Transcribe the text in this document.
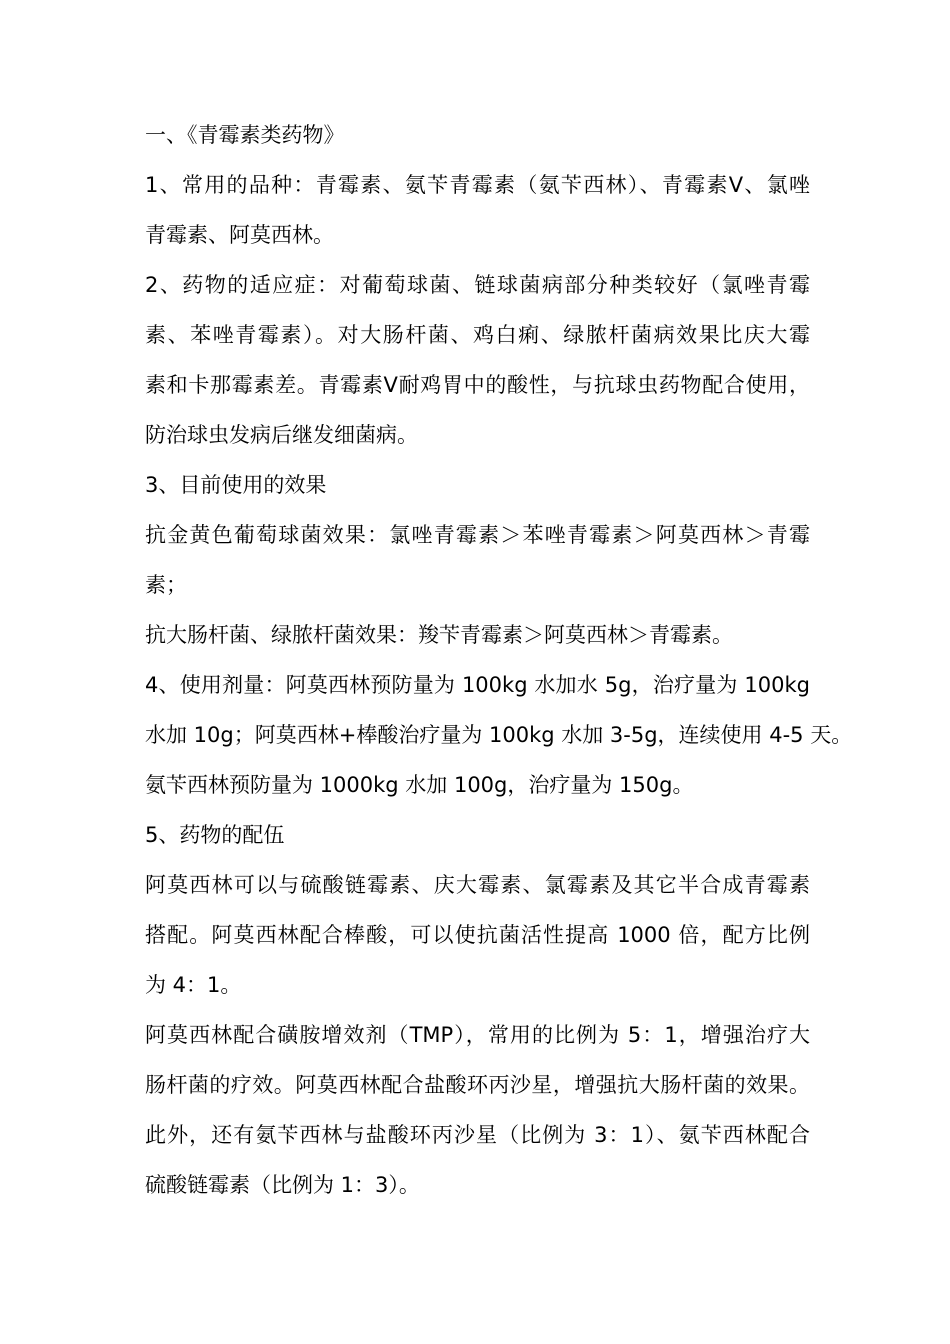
一、《青霉素类药物》
1、常用的品种：青霉素、氨苄青霉素（氨苄西林）、青霉素Ⅴ、氯唑
青霉素、阿莫西林。
2、药物的适应症：对葡萄球菌、链球菌病部分种类较好（氯唑青霉
素、苯唑青霉素）。对大肠杆菌、鸡白痢、绿脓杆菌病效果比庆大霉
素和卡那霉素差。青霉素Ⅴ耐鸡胃中的酸性，与抗球虫药物配合使用，
防治球虫发病后继发细菌病。
3、目前使用的效果
抗金黄色葡萄球菌效果：氯唑青霉素＞苯唑青霉素＞阿莫西林＞青霉
素；
抗大肠杆菌、绿脓杆菌效果：羧苄青霉素＞阿莫西林＞青霉素。
4、使用剂量：阿莫西林预防量为 100kg 水加水 5g，治疗量为 100kg
水加 10g；阿莫西林+棒酸治疗量为 100kg 水加 3-5g，连续使用 4-5 天。
氨苄西林预防量为 1000kg 水加 100g，治疗量为 150g。
5、药物的配伍
阿莫西林可以与硫酸链霉素、庆大霉素、氯霉素及其它半合成青霉素
搭配。阿莫西林配合棒酸，可以使抗菌活性提高 1000 倍，配方比例
为 4：1。
阿莫西林配合磺胺增效剂（TMP），常用的比例为 5：1，增强治疗大
肠杆菌的疗效。阿莫西林配合盐酸环丙沙星，增强抗大肠杆菌的效果。
此外，还有氨苄西林与盐酸环丙沙星（比例为 3：1）、氨苄西林配合
硫酸链霉素（比例为 1：3）。
